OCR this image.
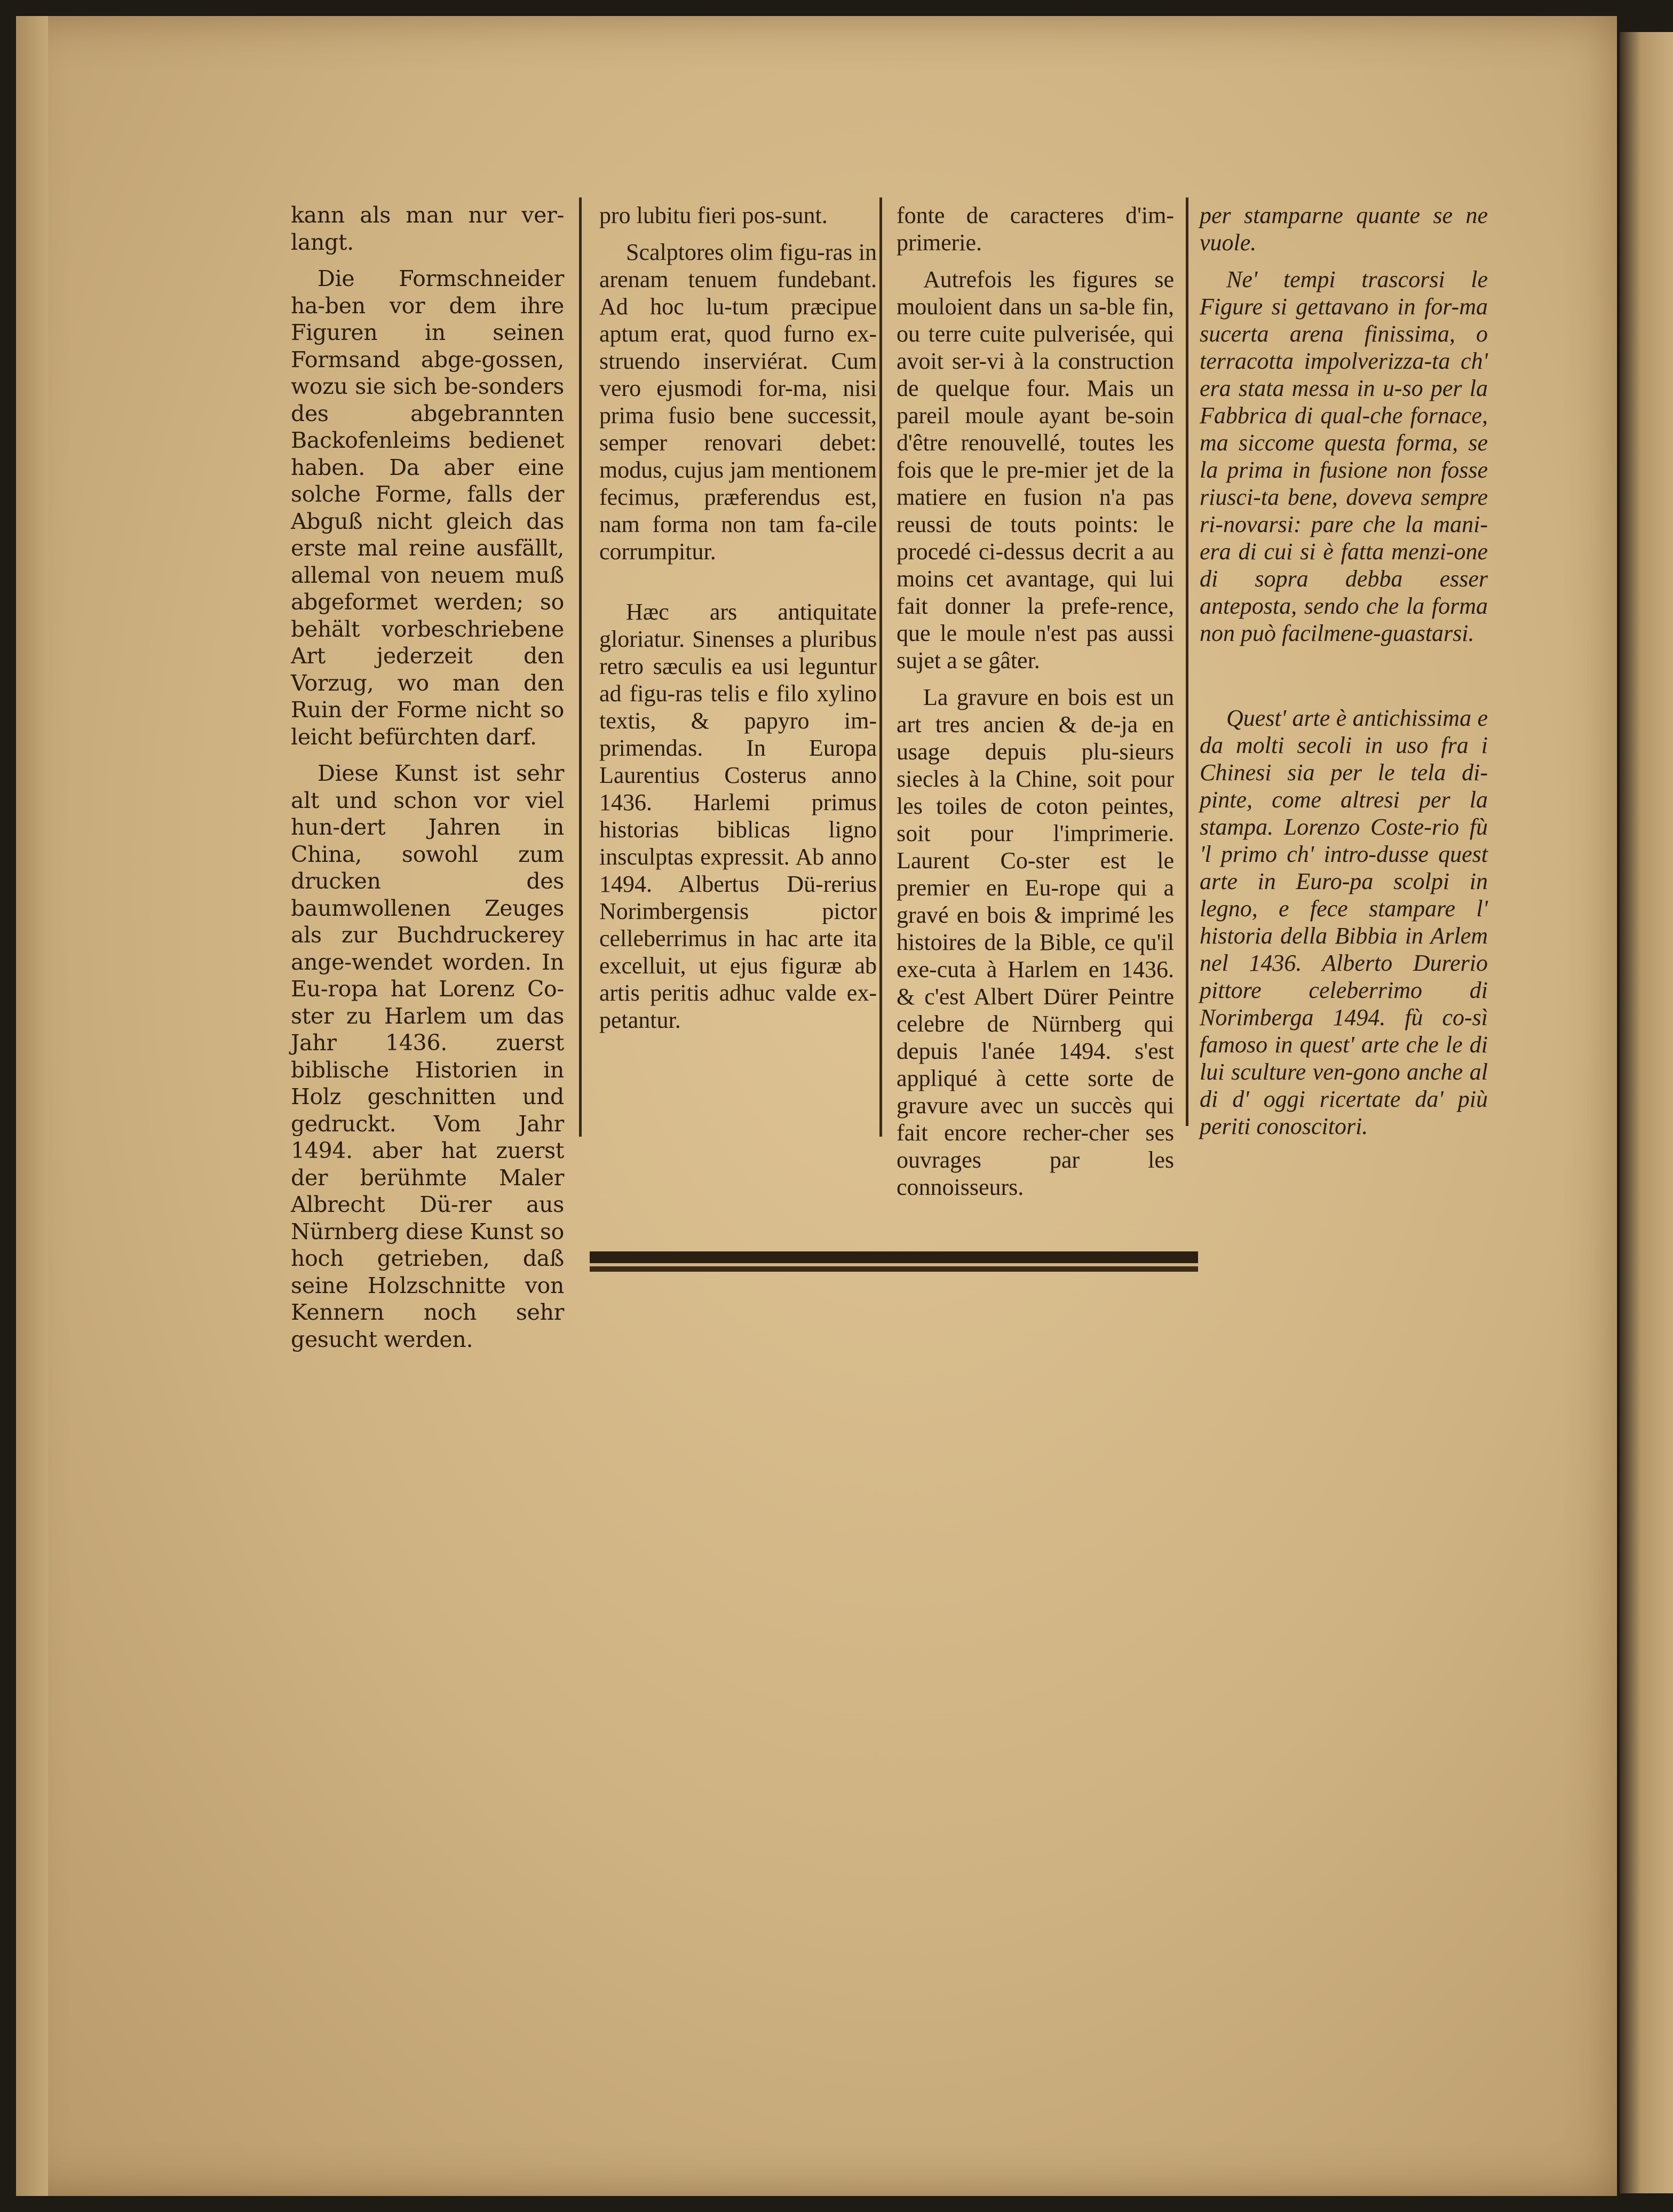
kann als man nur ver-langt.

Die Formschneider ha-ben vor dem ihre Figuren in seinen Formsand abge-gossen, wozu sie sich be-sonders des abgebrannten Backofenleims bedienet haben. Da aber eine solche Forme, falls der Abguß nicht gleich das erste mal reine ausfällt, allemal von neuem muß abgeformet werden; so behält vorbeschriebene Art jederzeit den Vorzug, wo man den Ruin der Forme nicht so leicht befürchten darf.

Diese Kunst ist sehr alt und schon vor viel hun-dert Jahren in China, sowohl zum drucken des baumwollenen Zeuges als zur Buchdruckerey ange-wendet worden. In Eu-ropa hat Lorenz Co-ster zu Harlem um das Jahr 1436. zuerst biblische Historien in Holz geschnitten und gedruckt. Vom Jahr 1494. aber hat zuerst der berühmte Maler Albrecht Dü-rer aus Nürnberg diese Kunst so hoch getrieben, daß seine Holzschnitte von Kennern noch sehr gesucht werden.

pro lubitu fieri pos-sunt.

Scalptores olim figu-ras in arenam tenuem fundebant. Ad hoc lu-tum præcipue aptum erat, quod furno ex-struendo inserviérat. Cum vero ejusmodi for-ma, nisi prima fusio bene successit, semper renovari debet: modus, cujus jam mentionem fecimus, præferendus est, nam forma non tam fa-cile corrumpitur.

Hæc ars antiquitate gloriatur. Sinenses a pluribus retro sæculis ea usi leguntur ad figu-ras telis e filo xylino textis, & papyro im-primendas. In Europa Laurentius Costerus anno 1436. Harlemi primus historias biblicas ligno insculptas expressit. Ab anno 1494. Albertus Dü-rerius Norimbergensis pictor celleberrimus in hac arte ita excelluit, ut ejus figuræ ab artis peritis adhuc valde ex-petantur.

fonte de caracteres d'im-primerie.

Autrefois les figures se mouloient dans un sa-ble fin, ou terre cuite pulverisée, qui avoit ser-vi à la construction de quelque four. Mais un pareil moule ayant be-soin d'être renouvellé, toutes les fois que le pre-mier jet de la matiere en fusion n'a pas reussi de touts points: le procedé ci-dessus decrit a au moins cet avantage, qui lui fait donner la prefe-rence, que le moule n'est pas aussi sujet a se gâter.

La gravure en bois est un art tres ancien & de-ja en usage depuis plu-sieurs siecles à la Chine, soit pour les toiles de coton peintes, soit pour l'imprimerie. Laurent Co-ster est le premier en Eu-rope qui a gravé en bois & imprimé les histoires de la Bible, ce qu'il exe-cuta à Harlem en 1436. & c'est Albert Dürer Peintre celebre de Nürnberg qui depuis l'anée 1494. s'est appliqué à cette sorte de gravure avec un succès qui fait encore recher-cher ses ouvrages par les connoisseurs.

per stamparne quante se ne vuole.

Ne' tempi trascorsi le Figure si gettavano in for-ma sucerta arena finissima, o terracotta impolverizza-ta ch' era stata messa in u-so per la Fabbrica di qual-che fornace, ma siccome questa forma, se la prima in fusione non fosse riusci-ta bene, doveva sempre ri-novarsi: pare che la mani-era di cui si è fatta menzi-one di sopra debba esser anteposta, sendo che la forma non può facilmene-guastarsi.

Quest' arte è antichissima e da molti secoli in uso fra i Chinesi sia per le tela di-pinte, come altresi per la stampa. Lorenzo Coste-rio fù 'l primo ch' intro-dusse quest arte in Euro-pa scolpi in legno, e fece stampare l' historia della Bibbia in Arlem nel 1436. Alberto Durerio pittore celeberrimo di Norimberga 1494. fù co-sì famoso in quest' arte che le di lui sculture ven-gono anche al di d' oggi ricertate da' più periti conoscitori.
